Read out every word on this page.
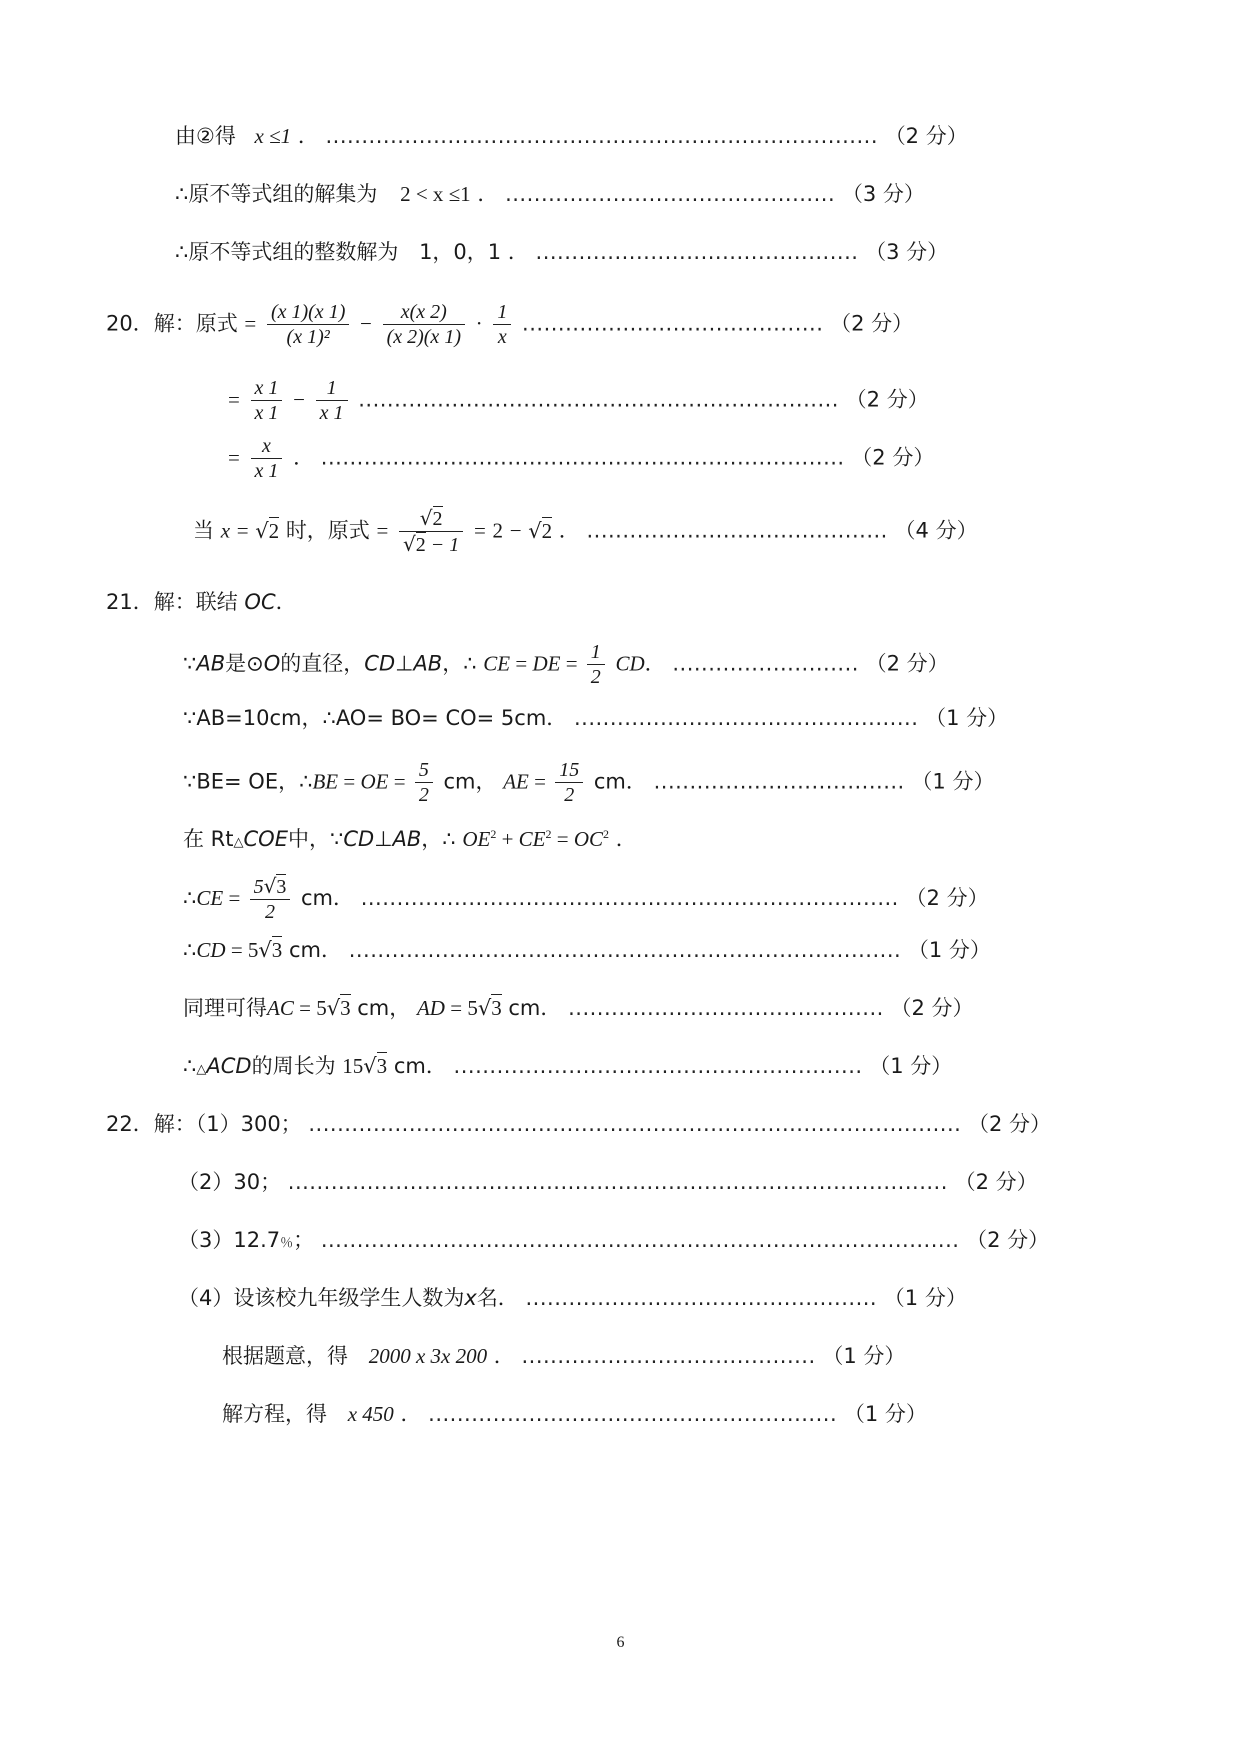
由②得 x ≤1 ． ............................................................................. （2 分）
∴原不等式组的解集为 2 < x ≤1 ． .............................................. （3 分）
∴原不等式组的整数解为 1，0，1 ． ............................................. （3 分）
20．解：原式 = $\frac{(x 1)(x 1)}{\text{(x 1)²}} - \frac{x(x 2)}{(x 2)(x 1)} \cdot \frac{1}{x}$ .......................................... （2 分）
= $\frac{x 1}{x 1} - \frac{1}{x 1}$ ................................................................... （2 分）
= $\frac{x}{x 1}$ ． ......................................................................... （2 分）
当 x = √2 时，原式 = $\frac{√2}{√2 - 1} = 2 - √2$ ． .......................................... （4 分）
21．解：联结 OC．
∵AB是⊙O的直径，CD⊥AB，∴ CE = DE = $\frac{1}{2}$ CD． .......................... （2 分）
∵AB=10cm，∴AO= BO= CO= 5cm． ................................................ （1 分）
∵BE= OE，∴BE = OE = $\frac{5}{2}$ cm， AE = $\frac{15}{2}$ cm． ................................... （1 分）
在 Rt△COE中，∵CD⊥AB，∴ $OE^2 + CE^2 = OC^2$ ．
∴CE = $\frac{5√3}{2}$ cm． ........................................................................... （2 分）
∴CD = 5√3 cm． ............................................................................. （1 分）
同理可得AC = 5√3 cm， AD = 5√3 cm． ............................................ （2 分）
∴△ACD的周长为 15√3 cm． ......................................................... （1 分）
22．解：（1）300； ........................................................................................... （2 分）
（2）30； ............................................................................................ （2 分）
（3）12.7％； ......................................................................................... （2 分）
（4）设该校九年级学生人数为x名． ................................................. （1 分）
根据题意，得 2000 x 3x 200 ． ......................................... （1 分）
解方程，得 x 450 ． ......................................................... （1 分）
6
